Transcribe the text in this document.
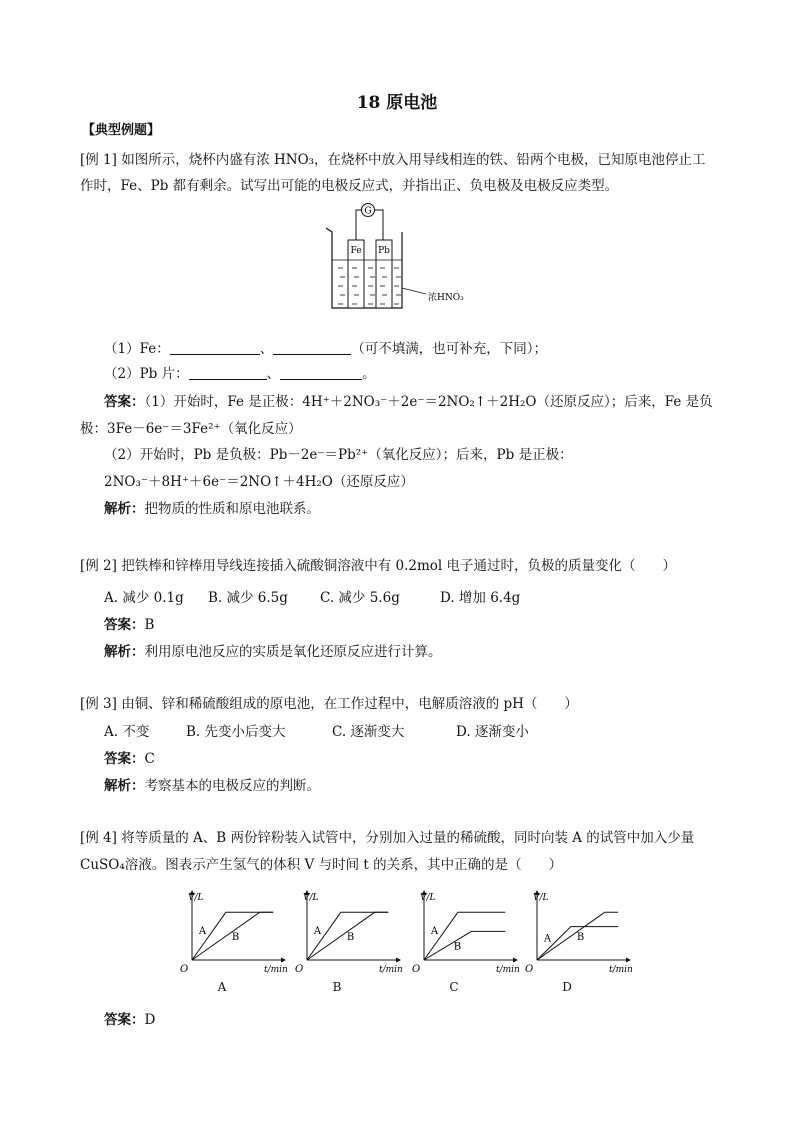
18 原电池
【典型例题】
[例 1] 如图所示，烧杯内盛有浓 HNO₃，在烧杯中放入用导线相连的铁、铅两个电极，已知原电池停止工
作时，Fe、Pb 都有剩余。试写出可能的电极反应式，并指出正、负电极及电极反应类型。
G
Fe Pb
浓HNO₃
（1）Fe：	、	（可不填满，也可补充，下同）；
（2）Pb 片：	、	。
答案：（1）开始时，Fe 是正极：4H⁺＋2NO₃⁻＋2e⁻＝2NO₂↑＋2H₂O（还原反应）；后来，Fe 是负
极：3Fe－6e⁻＝3Fe²⁺（氧化反应）
（2）开始时，Pb 是负极：Pb－2e⁻＝Pb²⁺（氧化反应）；后来，Pb 是正极：
2NO₃⁻＋8H⁺＋6e⁻＝2NO↑＋4H₂O（还原反应）
解析：把物质的性质和原电池联系。
[例 2] 把铁棒和锌棒用导线连接插入硫酸铜溶液中有 0.2mol 电子通过时，负极的质量变化（　　）
A. 减少 0.1g B. 减少 6.5g C. 减少 5.6g	D. 增加 6.4g
答案：B
解析：利用原电池反应的实质是氧化还原反应进行计算。
[例 3] 由铜、锌和稀硫酸组成的原电池，在工作过程中，电解质溶液的 pH（　　）
A. 不变	B. 先变小后变大	C. 逐渐变大	D. 逐渐变小
答案：C
解析：考察基本的电极反应的判断。
[例 4] 将等质量的 A、B 两份锌粉装入试管中，分别加入过量的稀硫酸，同时向装 A 的试管中加入少量
CuSO₄溶液。图表示产生氢气的体积 V 与时间 t 的关系，其中正确的是（　　）
A
B
V/L
t/min
O
A
A
B
V/L
t/min
O
B
A
B
V/L
t/min
O
C
A	B
V/L
t/min
O
D
答案：D
